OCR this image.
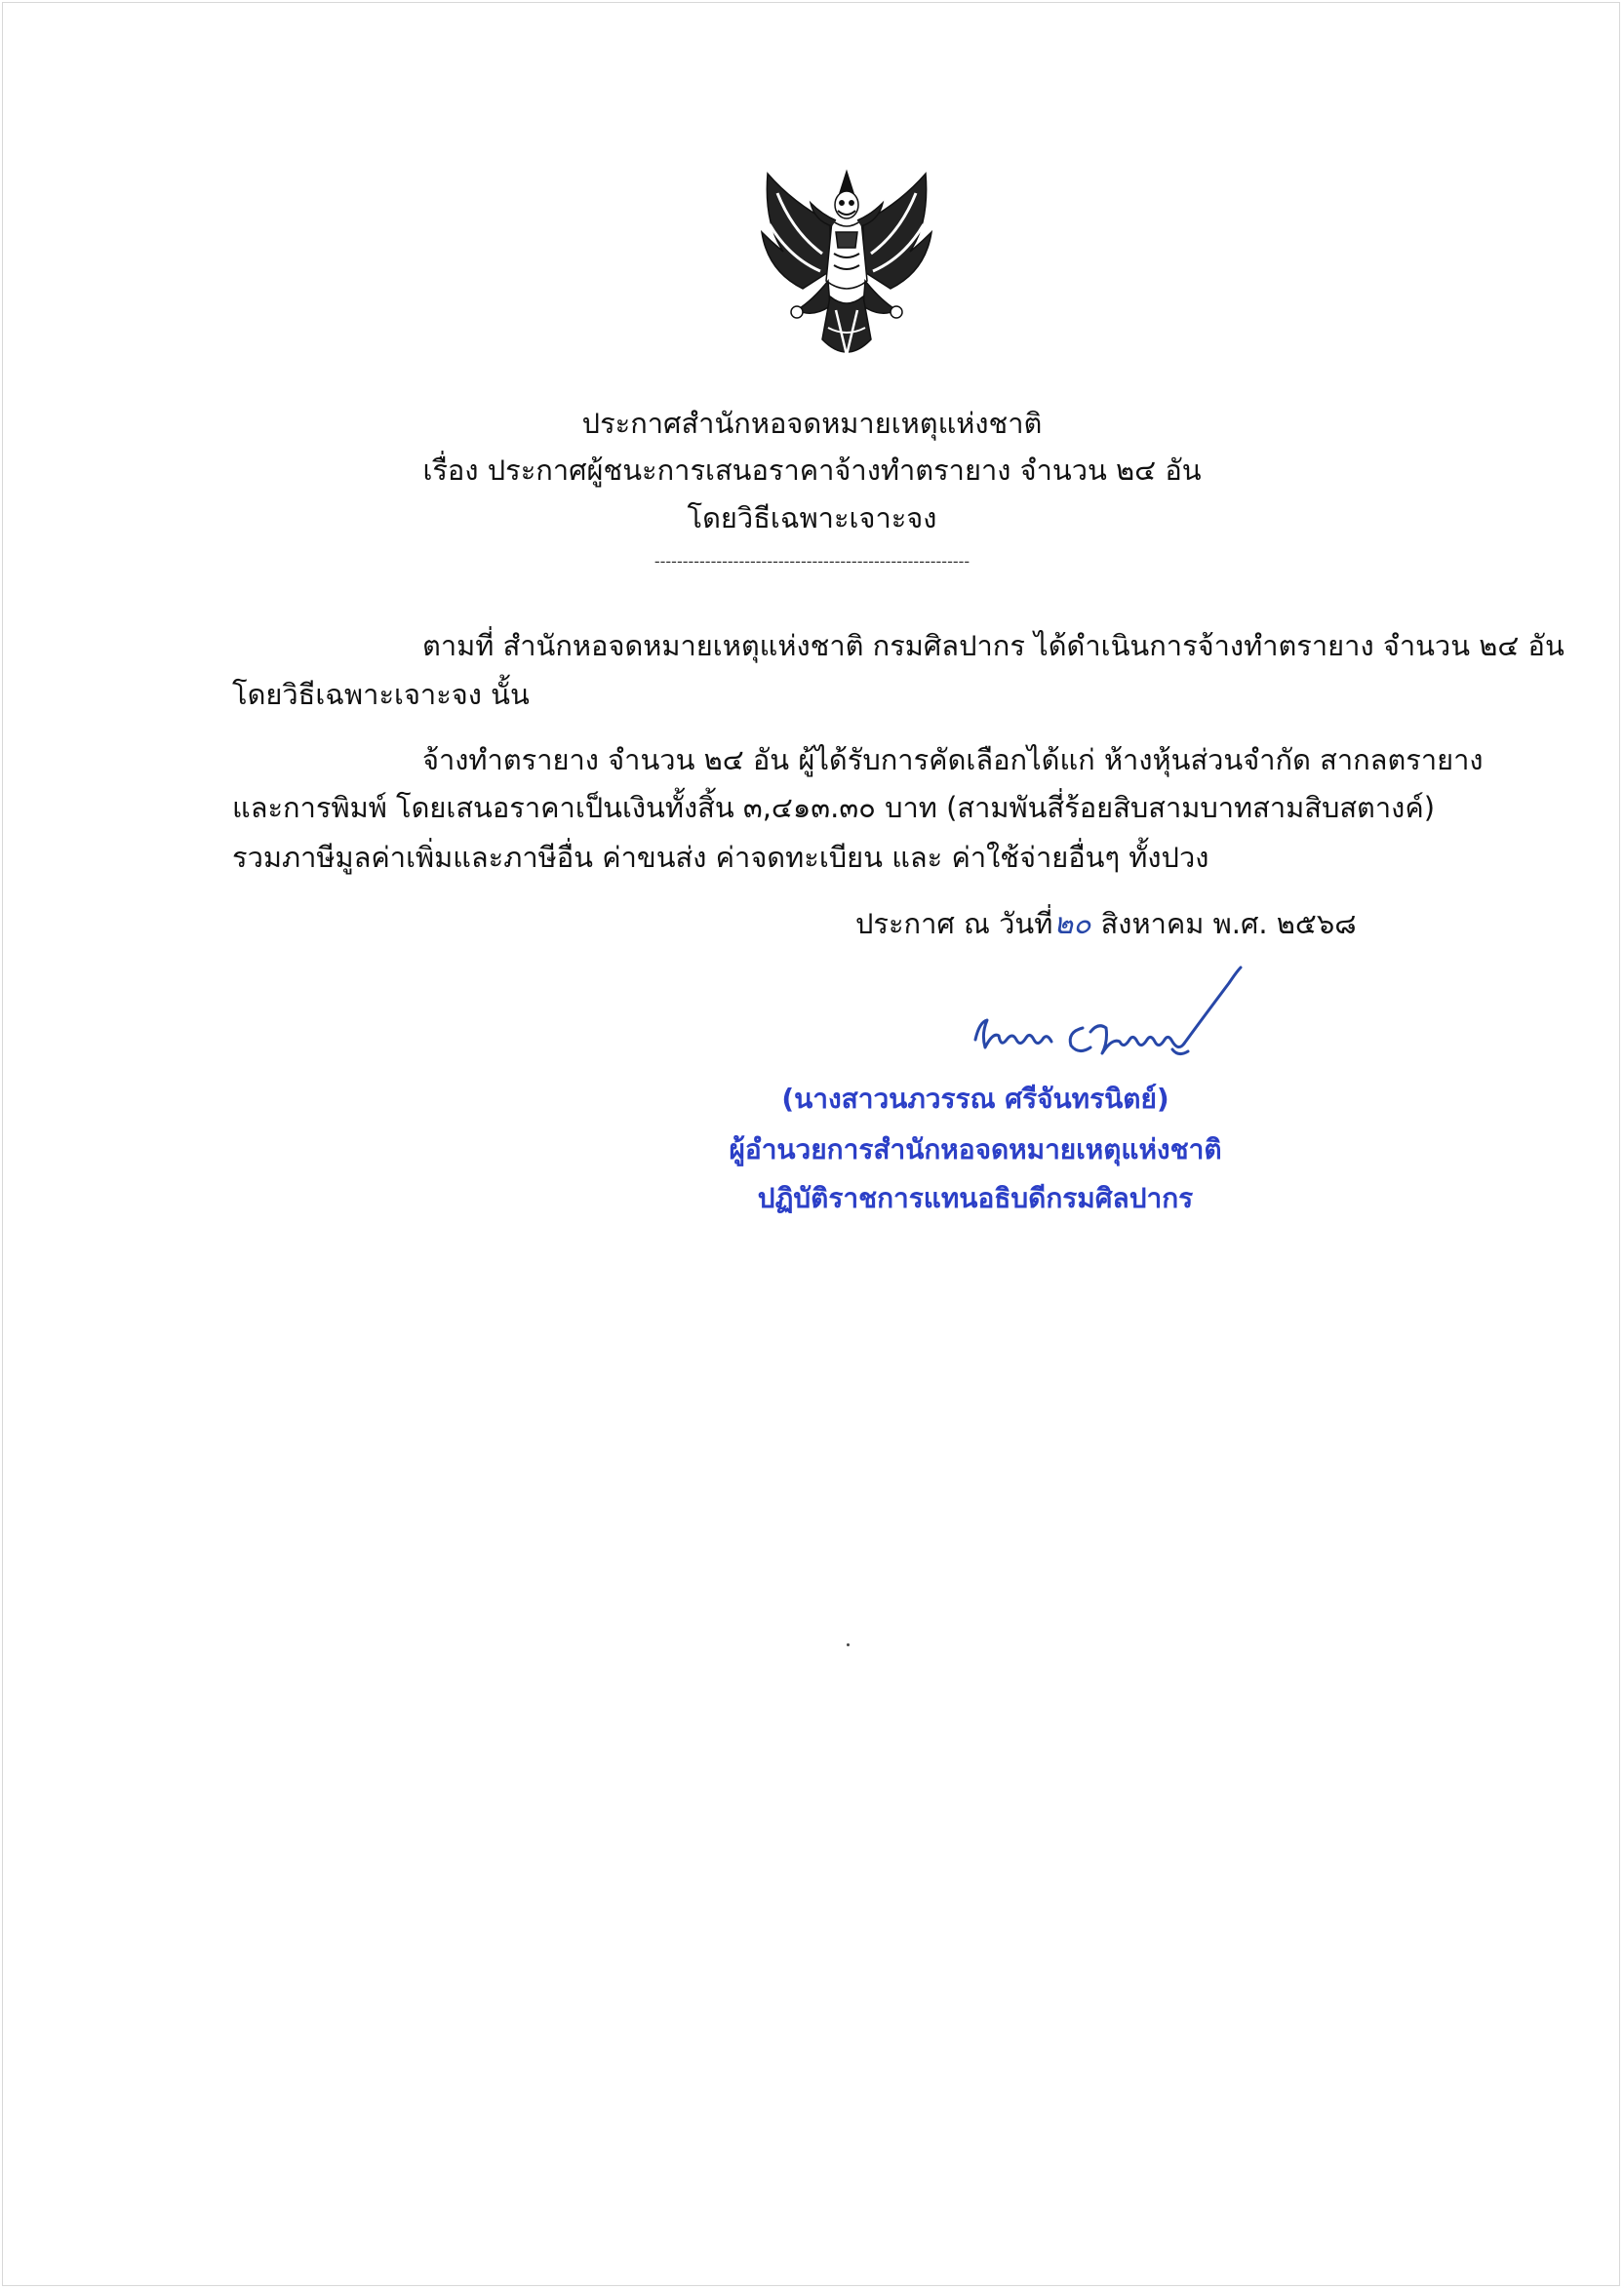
ประกาศสำนักหอจดหมายเหตุแห่งชาติ
เรื่อง ประกาศผู้ชนะการเสนอราคาจ้างทำตรายาง จำนวน ๒๔ อัน
โดยวิธีเฉพาะเจาะจง
--------------------------------------------------------
ตามที่ สำนักหอจดหมายเหตุแห่งชาติ กรมศิลปากร ได้ดำเนินการจ้างทำตรายาง จำนวน ๒๔ อัน
โดยวิธีเฉพาะเจาะจง นั้น
จ้างทำตรายาง จำนวน ๒๔ อัน ผู้ได้รับการคัดเลือกได้แก่ ห้างหุ้นส่วนจำกัด สากลตรายาง
และการพิมพ์ โดยเสนอราคาเป็นเงินทั้งสิ้น ๓,๔๑๓.๓๐ บาท (สามพันสี่ร้อยสิบสามบาทสามสิบสตางค์)
รวมภาษีมูลค่าเพิ่มและภาษีอื่น ค่าขนส่ง ค่าจดทะเบียน และ ค่าใช้จ่ายอื่นๆ ทั้งปวง
ประกาศ ณ วันที่๒๐ สิงหาคม พ.ศ. ๒๕๖๘
(นางสาวนภวรรณ ศรีจันทรนิตย์)
ผู้อำนวยการสำนักหอจดหมายเหตุแห่งชาติ
ปฏิบัติราชการแทนอธิบดีกรมศิลปากร
